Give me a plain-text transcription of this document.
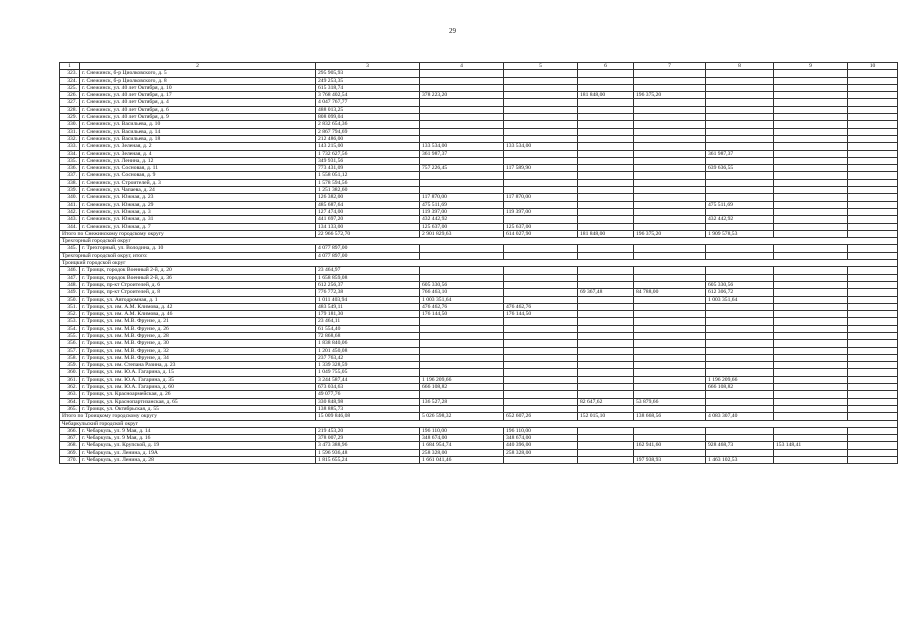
29
1	2	3	4	5	6	7	8	9	10
323.	г. Снежинск, б-р Циолковского, д. 5	295 905,93							
324.	г. Снежинск, б-р Циолковского, д. 8	249 253,35							
325.	г. Снежинск, ул. 40 лет Октября, д. 10	615 318,74							
326.	г. Снежинск, ул. 40 лет Октября, д. 17	3 768 402,54	378 223,20		181 848,00	196 375,20			
327.	г. Снежинск, ул. 40 лет Октября, д. 4	4 047 767,77							
328.	г. Снежинск, ул. 40 лет Октября, д. 6	488 013,25							
329.	г. Снежинск, ул. 40 лет Октября, д. 9	808 099,04							
330.	г. Снежинск, ул. Васильева, д. 10	2 832 654,36							
331.	г. Снежинск, ул. Васильева, д. 14	2 867 794,69							
332.	г. Снежинск, ул. Васильева, д. 18	212 486,00							
333.	г. Снежинск, ул. Зеленая, д. 2	143 215,00	133 534,00	133 534,00					
334.	г. Снежинск, ул. Зеленая, д. 4	1 732 627,56	361 987,37				361 987,37		
335.	г. Снежинск, ул. Ленина, д. 12	349 931,56							
336.	г. Снежинск, ул. Сосновая, д. 11	773 431,09	757 226,45	117 589,90			639 636,55		
337.	г. Снежинск, ул. Сосновая, д. 9	1 558 051,12							
338.	г. Снежинск, ул. Строителей, д. 3	1 578 594,56							
339.	г. Снежинск, ул. Чапаева, д. 24	1 251 382,60							
340.	г. Снежинск, ул. Южная, д. 23	126 382,00	117 870,00	117 870,00					
341.	г. Снежинск, ул. Южная, д. 29	485 687,64	475 511,69				475 511,69		
342.	г. Снежинск, ул. Южная, д. 3	127 474,00	119 397,00	119 397,00					
343.	г. Снежинск, ул. Южная, д. 31	441 697,20	432 442,92				432 442,92		
344.	г. Снежинск, ул. Южная, д. 7	134 133,00	125 637,00	125 637,00					
Итого по Снежинскому городскому округу		22 966 572,70	2 901 829,63	614 027,90	181 848,00	196 375,20	1 909 578,53		
Трехгорный городской округ									
345.	г. Трехгорный, ул. Володина, д. 10	4 077 897,00							
Трехгорный городской округ, итого:		4 077 897,00							
Троицкий городской округ									
346.	г. Троицк, городок Военный 2-й, д. 20	23 464,97							
347.	г. Троицк, городок Военный 2-й, д. 36	1 658 859,08							
348.	г. Троицк, пр-кт Строителей, д. 6	612 256,37	605 330,56				605 330,56		
349.	г. Троицк, пр-кт Строителей, д. 8	776 772,38	766 463,10		69 367,48	84 788,00	612 306,72		
350.	г. Троицк, ул. Автодромная, д. 1	1 011 403,94	1 003 351,64				1 003 351,64		
351.	г. Троицк, ул. им. А.М. Климова, д. 42	483 549,11	476 462,76	476 462,76					
352.	г. Троицк, ул. им. А.М. Климова, д. 46	179 181,30	176 144,50	176 144,50					
353.	г. Троицк, ул. им. М.В. Фрунзе, д. 21	23 464,11							
354.	г. Троицк, ул. им. М.В. Фрунзе, д. 26	61 554,40							
355.	г. Троицк, ул. им. М.В. Фрунзе, д. 28	72 868,68							
356.	г. Троицк, ул. им. М.В. Фрунзе, д. 30	1 838 840,06							
357.	г. Троицк, ул. им. М.В. Фрунзе, д. 32	1 201 450,08							
358.	г. Троицк, ул. им. М.В. Фрунзе, д. 34	237 763,42							
359.	г. Троицк, ул. им. Степана Разина, д. 23	1 339 328,59							
360.	г. Троицк, ул. им. Ю.А. Гагарина, д. 15	1 049 755,05							
361.	г. Троицк, ул. им. Ю.А. Гагарина, д. 35	3 244 587,44	1 196 209,66				1 196 209,66		
362.	г. Троицк, ул. им. Ю.А. Гагарина, д. 60	673 034,63	666 108,82				666 108,82		
363.	г. Троицк, ул. Красноармейская, д. 26	49 077,76							
364.	г. Троицк, ул. Краснопартизанская, д. 65	330 848,98	136 527,28		82 647,62	53 879,66			
365.	г. Троицк, ул. Октябрьская, д. 55	138 885,73							
Итого по Троицкому городскому округу		15 009 846,08	5 026 598,32	652 607,26	152 015,10	138 668,56	4 083 307,40		
Чебаркульский городской округ									
366.	г. Чебаркуль, ул. 9 Мая, д. 14	219 453,20	196 110,00	196 110,00					
367.	г. Чебаркуль, ул. 9 Мая, д. 16	378 007,29	348 674,00	348 674,00					
368.	г. Чебаркуль, ул. Крупской, д. 19	3 473 388,96	1 684 954,74	440 396,00		162 941,60	928 468,73	153 148,41	
369.	г. Чебаркуль, ул. Ленина, д. 19А	1 596 936,48	258 328,00	258 328,00					
370.	г. Чебаркуль, ул. Ленина, д. 28	1 815 655,24	1 661 041,46			197 938,93	1 463 102,53		
